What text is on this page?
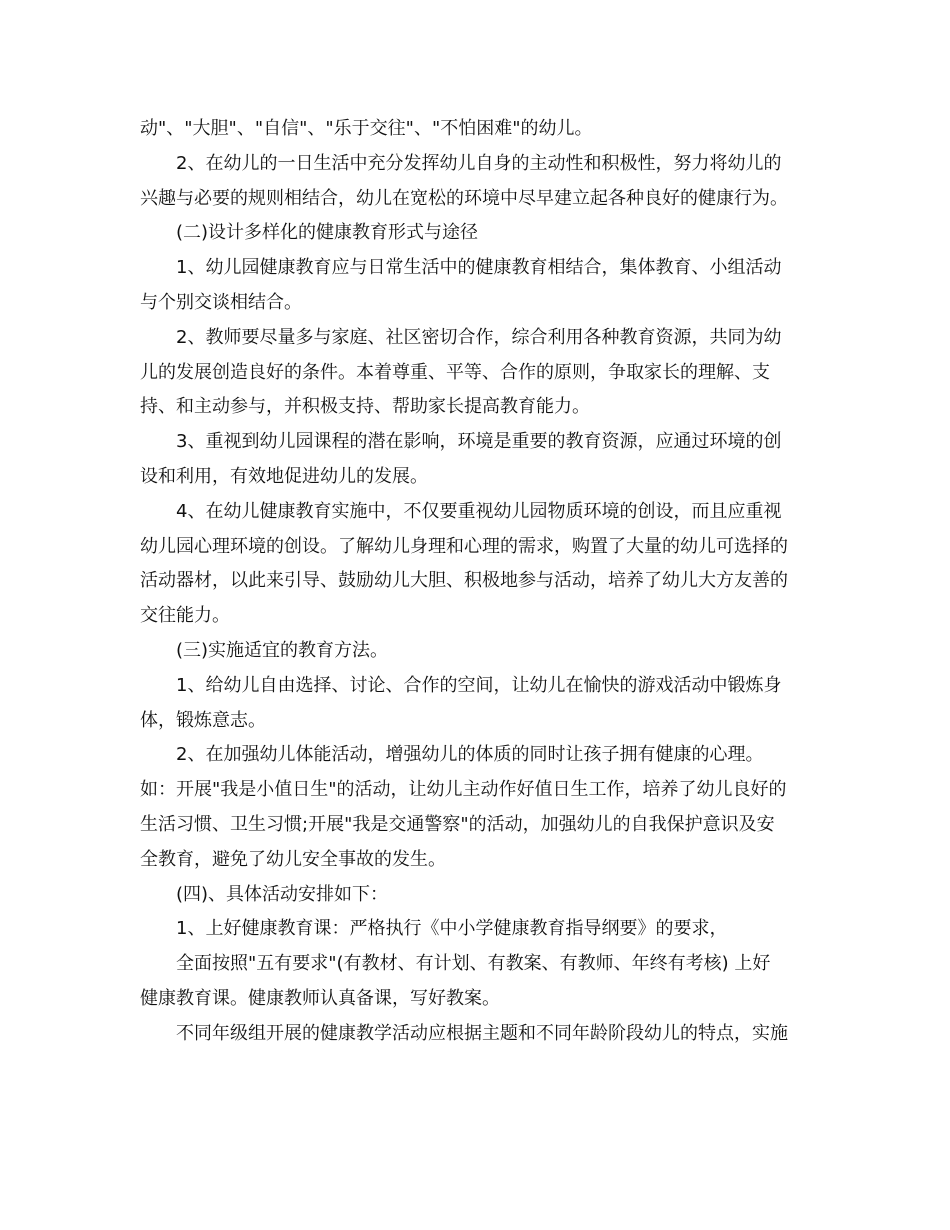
动"、"大胆"、"自信"、"乐于交往"、"不怕困难"的幼儿。

2、在幼儿的一日生活中充分发挥幼儿自身的主动性和积极性，努力将幼儿的

兴趣与必要的规则相结合，幼儿在宽松的环境中尽早建立起各种良好的健康行为。

(二)设计多样化的健康教育形式与途径

1、幼儿园健康教育应与日常生活中的健康教育相结合，集体教育、小组活动

与个别交谈相结合。

2、教师要尽量多与家庭、社区密切合作，综合利用各种教育资源，共同为幼

儿的发展创造良好的条件。本着尊重、平等、合作的原则，争取家长的理解、支

持、和主动参与，并积极支持、帮助家长提高教育能力。

3、重视到幼儿园课程的潜在影响，环境是重要的教育资源，应通过环境的创

设和利用，有效地促进幼儿的发展。

4、在幼儿健康教育实施中，不仅要重视幼儿园物质环境的创设，而且应重视

幼儿园心理环境的创设。了解幼儿身理和心理的需求，购置了大量的幼儿可选择的

活动器材，以此来引导、鼓励幼儿大胆、积极地参与活动，培养了幼儿大方友善的

交往能力。

(三)实施适宜的教育方法。

1、给幼儿自由选择、讨论、合作的空间，让幼儿在愉快的游戏活动中锻炼身

体，锻炼意志。

2、在加强幼儿体能活动，增强幼儿的体质的同时让孩子拥有健康的心理。

如：开展"我是小值日生"的活动，让幼儿主动作好值日生工作，培养了幼儿良好的

生活习惯、卫生习惯;开展"我是交通警察"的活动，加强幼儿的自我保护意识及安

全教育，避免了幼儿安全事故的发生。

(四)、具体活动安排如下：

1、上好健康教育课：严格执行《中小学健康教育指导纲要》的要求，

全面按照"五有要求"(有教材、有计划、有教案、有教师、年终有考核) 上好

健康教育课。健康教师认真备课，写好教案。

不同年级组开展的健康教学活动应根据主题和不同年龄阶段幼儿的特点，实施
